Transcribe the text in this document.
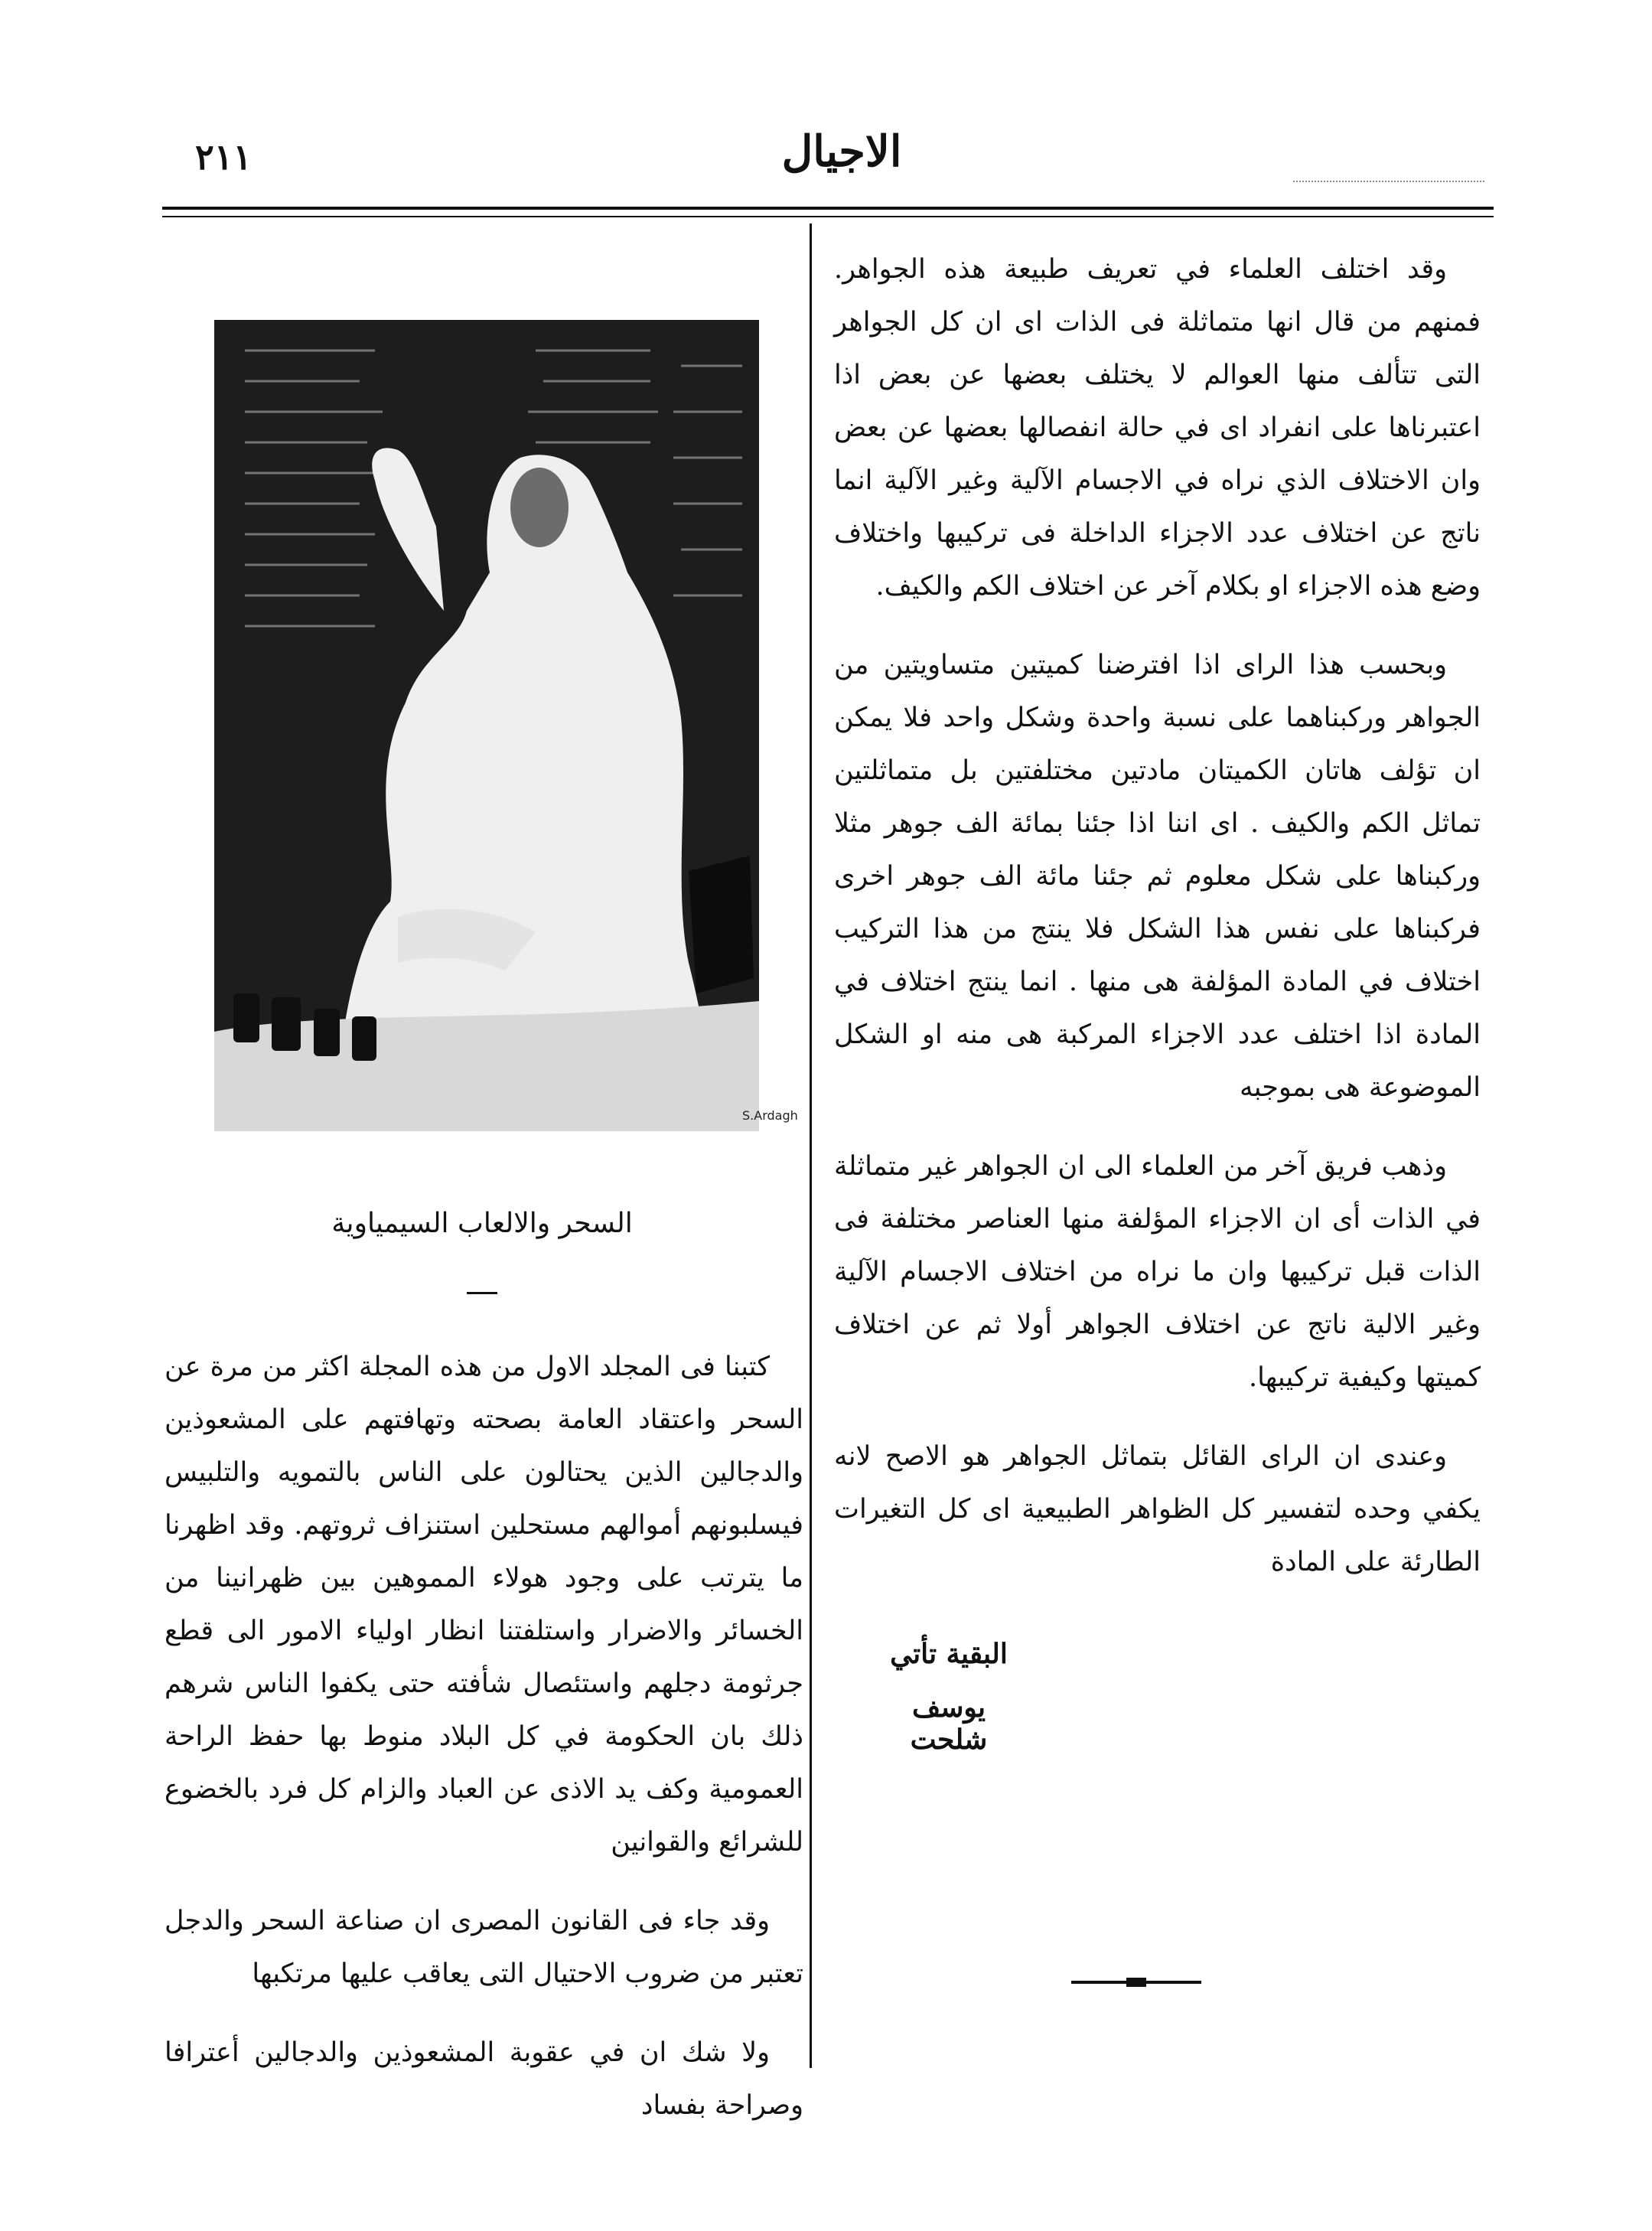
٢١١	الاجيال

وقد اختلف العلماء في تعريف طبيعة هذه الجواهر. فمنهم من قال انها متماثلة فى الذات اى ان كل الجواهر التى تتألف منها العوالم لا يختلف بعضها عن بعض اذا اعتبرناها على انفراد اى في حالة انفصالها بعضها عن بعض وان الاختلاف الذي نراه في الاجسام الآلية وغير الآلية انما ناتج عن اختلاف عدد الاجزاء الداخلة فى تركيبها واختلاف وضع هذه الاجزاء او بكلام آخر عن اختلاف الكم والكيف.

وبحسب هذا الراى اذا افترضنا كميتين متساويتين من الجواهر وركبناهما على نسبة واحدة وشكل واحد فلا يمكن ان تؤلف هاتان الكميتان مادتين مختلفتين بل متماثلتين تماثل الكم والكيف . اى اننا اذا جئنا بمائة الف جوهر مثلا وركبناها على شكل معلوم ثم جئنا مائة الف جوهر اخرى فركبناها على نفس هذا الشكل فلا ينتج من هذا التركيب اختلاف في المادة المؤلفة هى منها . انما ينتج اختلاف في المادة اذا اختلف عدد الاجزاء المركبة هى منه او الشكل الموضوعة هى بموجبه

وذهب فريق آخر من العلماء الى ان الجواهر غير متماثلة في الذات أى ان الاجزاء المؤلفة منها العناصر مختلفة فى الذات قبل تركيبها وان ما نراه من اختلاف الاجسام الآلية وغير الالية ناتج عن اختلاف الجواهر أولا ثم عن اختلاف كميتها وكيفية تركيبها.

وعندى ان الراى القائل بتماثل الجواهر هو الاصح لانه يكفي وحده لتفسير كل الظواهر الطبيعية اى كل التغيرات الطارئة على المادة

البقية تأتي
يوسف شلحت
S.Ardagh
السحر والالعاب السيمياوية

كتبنا فى المجلد الاول من هذه المجلة اكثر من مرة عن السحر واعتقاد العامة بصحته وتهافتهم على المشعوذين والدجالين الذين يحتالون على الناس بالتمويه والتلبيس فيسلبونهم أموالهم مستحلين استنزاف ثروتهم. وقد اظهرنا ما يترتب على وجود هولاء المموهين بين ظهرانينا من الخسائر والاضرار واستلفتنا انظار اولياء الامور الى قطع جرثومة دجلهم واستئصال شأفته حتى يكفوا الناس شرهم ذلك بان الحكومة في كل البلاد منوط بها حفظ الراحة العمومية وكف يد الاذى عن العباد والزام كل فرد بالخضوع للشرائع والقوانين

وقد جاء فى القانون المصرى ان صناعة السحر والدجل تعتبر من ضروب الاحتيال التى يعاقب عليها مرتكبها

ولا شك ان في عقوبة المشعوذين والدجالين أعترافا وصراحة بفساد
